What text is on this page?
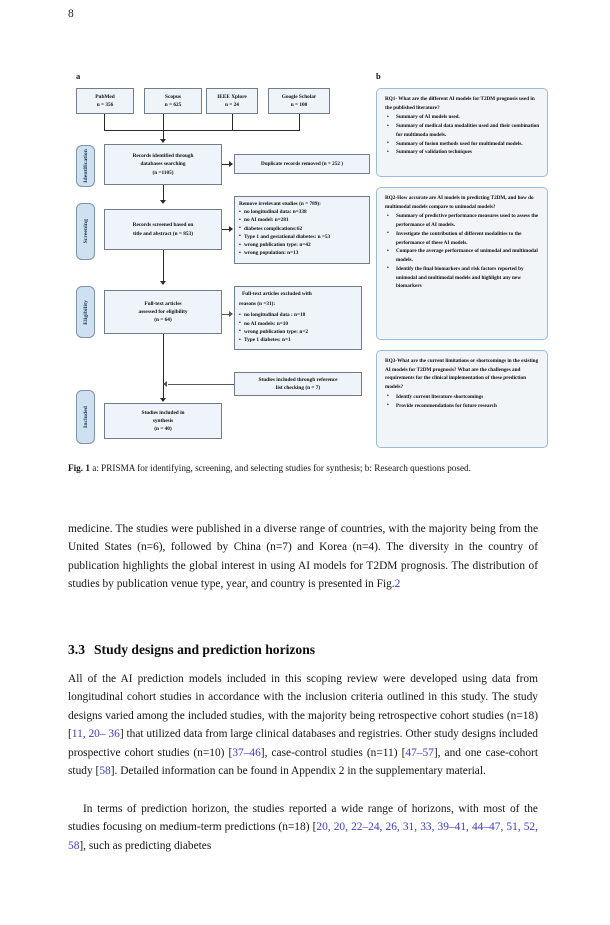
8
a	b
PubMed
n = 356
Scopus
n = 625
IEEE Xplore
n = 24
Google Scholar
n = 100
Identification
Screening
Eligibility
Included
Records identified through
databases searching
(n =1105)
Records screened based on
title and abstract (n = 853)
Full-text articles
assessed for eligibility
(n = 64)
Studies included in
synthesis
(n = 40)
Duplicate records removed (n = 252 )
Remove irrelevant studies (n = 789):
• no longitudinal data: n=338
• no AI model: n=281
• diabetes complications:62
• Type 1 and gestational diabetes: n =53
• wrong publication type: n=42
• wrong population: n=13
Full-text articles excluded with
reasons (n =31):
• no longitudinal data : n=18
• no AI models: n=10
• wrong publication type: n=2
• Type 1 diabetes: n=1
Studies included through reference
list checking (n = 7)
RQ1- What are the different AI models for T2DM prognosis used in the published literature?
• Summary of AI models used.
• Summary of medical data modalities used and their combination for multimoda models.
• Summary of fusion methods used for multimodal models.
• Summary of validation techniques
RQ2-How accurate are AI models in predicting T2DM, and how do multimodal models compare to unimodal models?
• Summary of predictive performance measures used to assess the
performance of AI models.
• Investigate the contribution of different modalities to the
performance of these AI models.
• Compare the average performance of unimodal and multimodal models.
• Identify the final biomarkers and risk factors reported by unimodal and multimodal models and highlight any new biomarkers
RQ3-What are the current limitations or shortcomings in the existing AI models for T2DM prognosis? What are the challenges and requirements for the clinical implementation of these prediction models?
• Identfy current literature shortcomings
• Provide recommendations for future research
Fig. 1 a: PRISMA for identifying, screening, and selecting studies for synthesis; b: Research questions posed.
medicine. The studies were published in a diverse range of countries, with the majority being from the United States (n=6), followed by China (n=7) and Korea (n=4). The diversity in the country of publication highlights the global interest in using AI models for T2DM prognosis. The distribution of studies by publication venue type, year, and country is presented in Fig.2
3.3 Study designs and prediction horizons
All of the AI prediction models included in this scoping review were developed using data from longitudinal cohort studies in accordance with the inclusion criteria outlined in this study. The study designs varied among the included studies, with the majority being retrospective cohort studies (n=18) [11, 20– 36] that utilized data from large clinical databases and registries. Other study designs included prospective cohort studies (n=10) [37–46], case-control studies (n=11) [47–57], and one case-cohort study [58]. Detailed information can be found in Appendix 2 in the supplementary material.
In terms of prediction horizon, the studies reported a wide range of horizons, with most of the studies focusing on medium-term predictions (n=18) [20, 20, 22–24, 26, 31, 33, 39–41, 44–47, 51, 52, 58], such as predicting diabetes
